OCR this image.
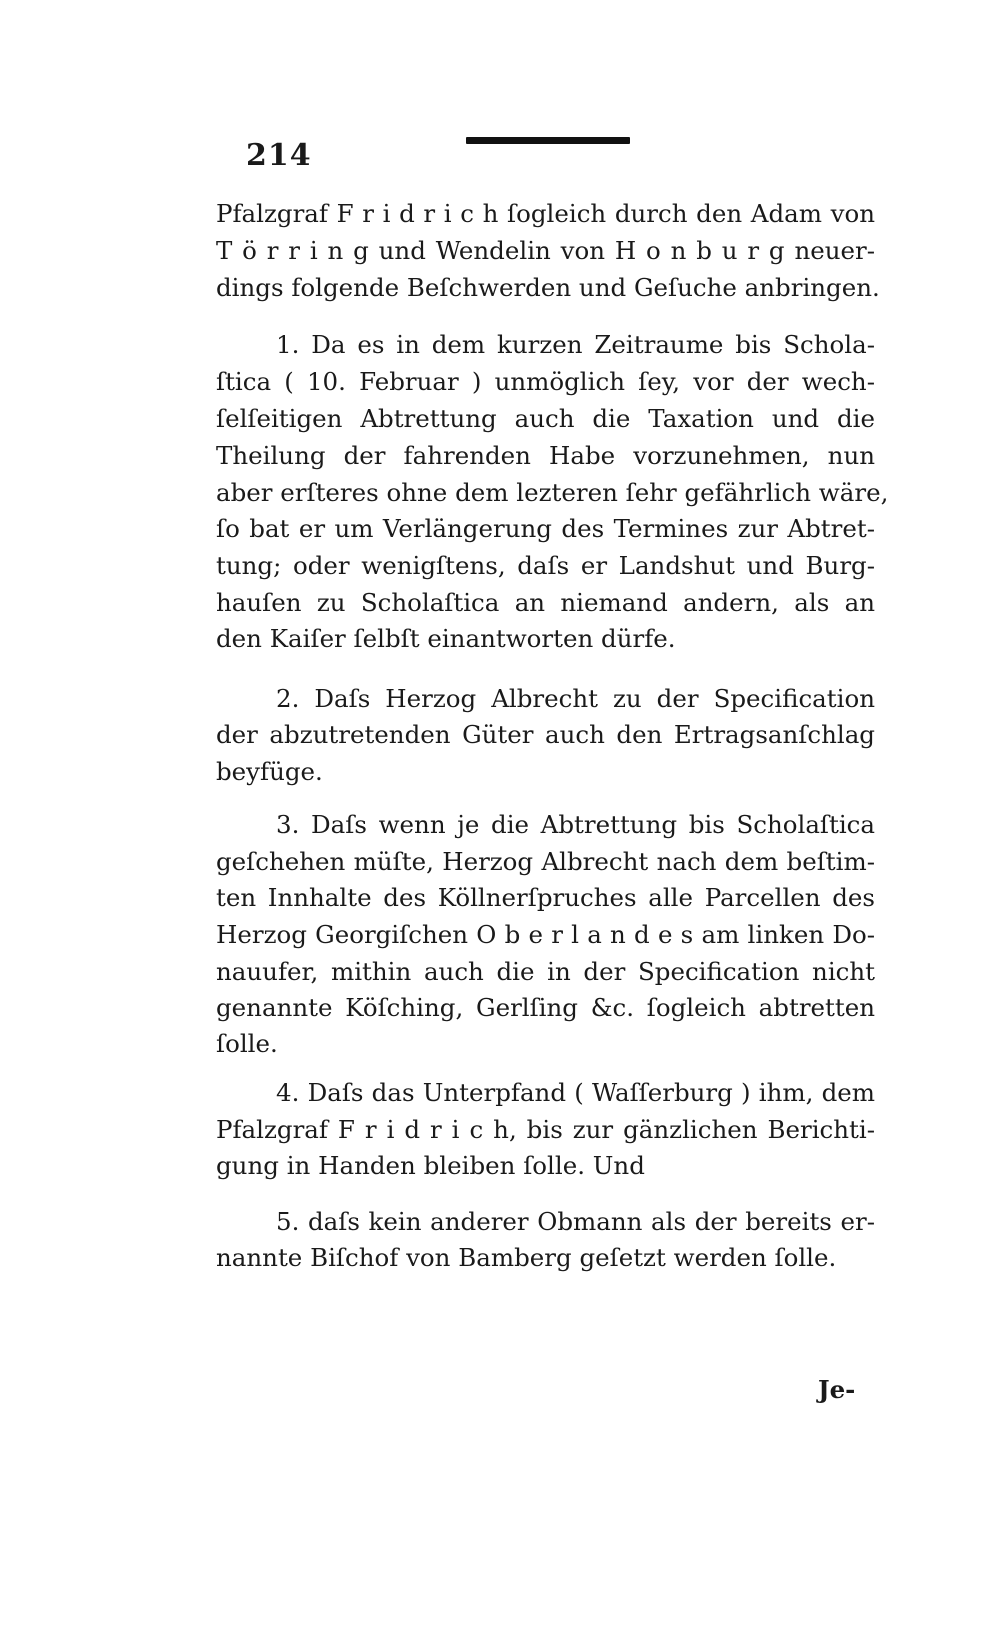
214
Pfalzgraf F r i d r i c h ſogleich durch den Adam von
T ö r r i n g und Wendelin von H o n b u r g neuer-
dings folgende Beſchwerden und Geſuche anbringen.
1. Da es in dem kurzen Zeitraume bis Schola-
ſtica ( 10. Februar ) unmöglich ſey, vor der wech-
ſelſeitigen Abtrettung auch die Taxation und die
Theilung der fahrenden Habe vorzunehmen, nun
aber erſteres ohne dem lezteren ſehr gefährlich wäre,
ſo bat er um Verlängerung des Termines zur Abtret-
tung; oder wenigſtens, daſs er Landshut und Burg-
hauſen zu Scholaſtica an niemand andern, als an
den Kaiſer ſelbſt einantworten dürfe.
2. Daſs Herzog Albrecht zu der Specification
der abzutretenden Güter auch den Ertragsanſchlag
beyfüge.
3. Daſs wenn je die Abtrettung bis Scholaſtica
geſchehen müſte, Herzog Albrecht nach dem beſtim-
ten Innhalte des Köllnerſpruches alle Parcellen des
Herzog Georgiſchen O b e r l a n d e s am linken Do-
nauufer, mithin auch die in der Specification nicht
genannte Köſching, Gerlſing &c. ſogleich abtretten
ſolle.
4. Daſs das Unterpfand ( Waſſerburg ) ihm, dem
Pfalzgraf F r i d r i c h, bis zur gänzlichen Berichti-
gung in Handen bleiben ſolle. Und
5. daſs kein anderer Obmann als der bereits er-
nannte Biſchof von Bamberg geſetzt werden ſolle.
Je-
